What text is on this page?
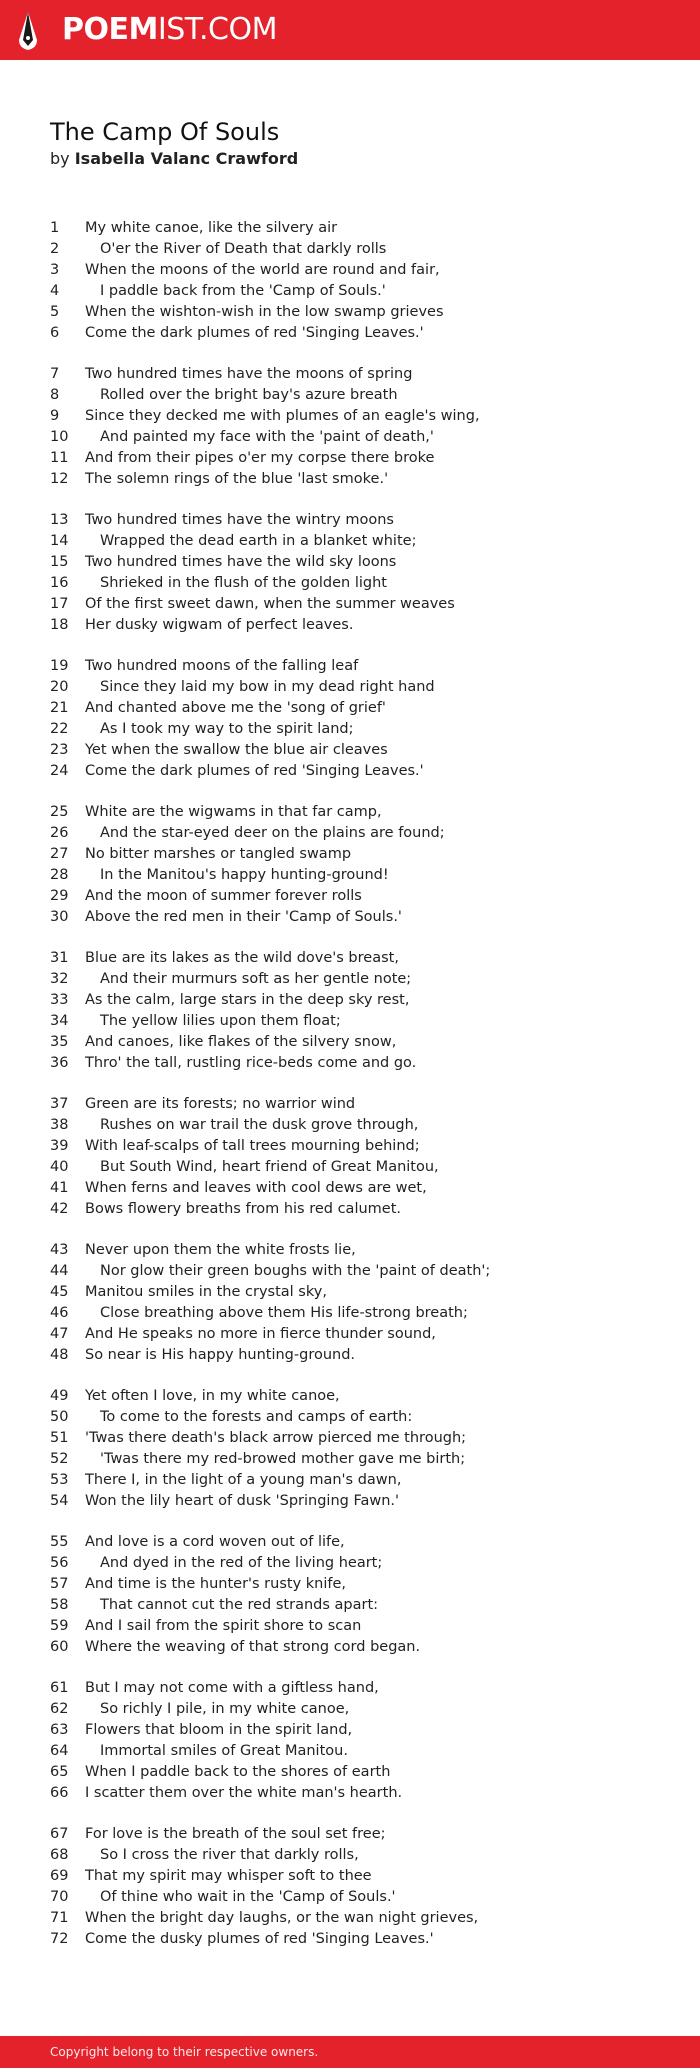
POEMIST.COM
The Camp Of Souls
by Isabella Valanc Crawford
1	My white canoe, like the silvery air
2	O'er the River of Death that darkly rolls
3	When the moons of the world are round and fair,
4	I paddle back from the 'Camp of Souls.'
5	When the wishton-wish in the low swamp grieves
6	Come the dark plumes of red 'Singing Leaves.'
7	Two hundred times have the moons of spring
8	Rolled over the bright bay's azure breath
9	Since they decked me with plumes of an eagle's wing,
10	And painted my face with the 'paint of death,'
11	And from their pipes o'er my corpse there broke
12	The solemn rings of the blue 'last smoke.'
13	Two hundred times have the wintry moons
14	Wrapped the dead earth in a blanket white;
15	Two hundred times have the wild sky loons
16	Shrieked in the flush of the golden light
17	Of the first sweet dawn, when the summer weaves
18	Her dusky wigwam of perfect leaves.
19	Two hundred moons of the falling leaf
20	Since they laid my bow in my dead right hand
21	And chanted above me the 'song of grief'
22	As I took my way to the spirit land;
23	Yet when the swallow the blue air cleaves
24	Come the dark plumes of red 'Singing Leaves.'
25	White are the wigwams in that far camp,
26	And the star-eyed deer on the plains are found;
27	No bitter marshes or tangled swamp
28	In the Manitou's happy hunting-ground!
29	And the moon of summer forever rolls
30	Above the red men in their 'Camp of Souls.'
31	Blue are its lakes as the wild dove's breast,
32	And their murmurs soft as her gentle note;
33	As the calm, large stars in the deep sky rest,
34	The yellow lilies upon them float;
35	And canoes, like flakes of the silvery snow,
36	Thro' the tall, rustling rice-beds come and go.
37	Green are its forests; no warrior wind
38	Rushes on war trail the dusk grove through,
39	With leaf-scalps of tall trees mourning behind;
40	But South Wind, heart friend of Great Manitou,
41	When ferns and leaves with cool dews are wet,
42	Bows flowery breaths from his red calumet.
43	Never upon them the white frosts lie,
44	Nor glow their green boughs with the 'paint of death';
45	Manitou smiles in the crystal sky,
46	Close breathing above them His life-strong breath;
47	And He speaks no more in fierce thunder sound,
48	So near is His happy hunting-ground.
49	Yet often I love, in my white canoe,
50	To come to the forests and camps of earth:
51	'Twas there death's black arrow pierced me through;
52	'Twas there my red-browed mother gave me birth;
53	There I, in the light of a young man's dawn,
54	Won the lily heart of dusk 'Springing Fawn.'
55	And love is a cord woven out of life,
56	And dyed in the red of the living heart;
57	And time is the hunter's rusty knife,
58	That cannot cut the red strands apart:
59	And I sail from the spirit shore to scan
60	Where the weaving of that strong cord began.
61	But I may not come with a giftless hand,
62	So richly I pile, in my white canoe,
63	Flowers that bloom in the spirit land,
64	Immortal smiles of Great Manitou.
65	When I paddle back to the shores of earth
66	I scatter them over the white man's hearth.
67	For love is the breath of the soul set free;
68	So I cross the river that darkly rolls,
69	That my spirit may whisper soft to thee
70	Of thine who wait in the 'Camp of Souls.'
71	When the bright day laughs, or the wan night grieves,
72	Come the dusky plumes of red 'Singing Leaves.'
Copyright belong to their respective owners.
